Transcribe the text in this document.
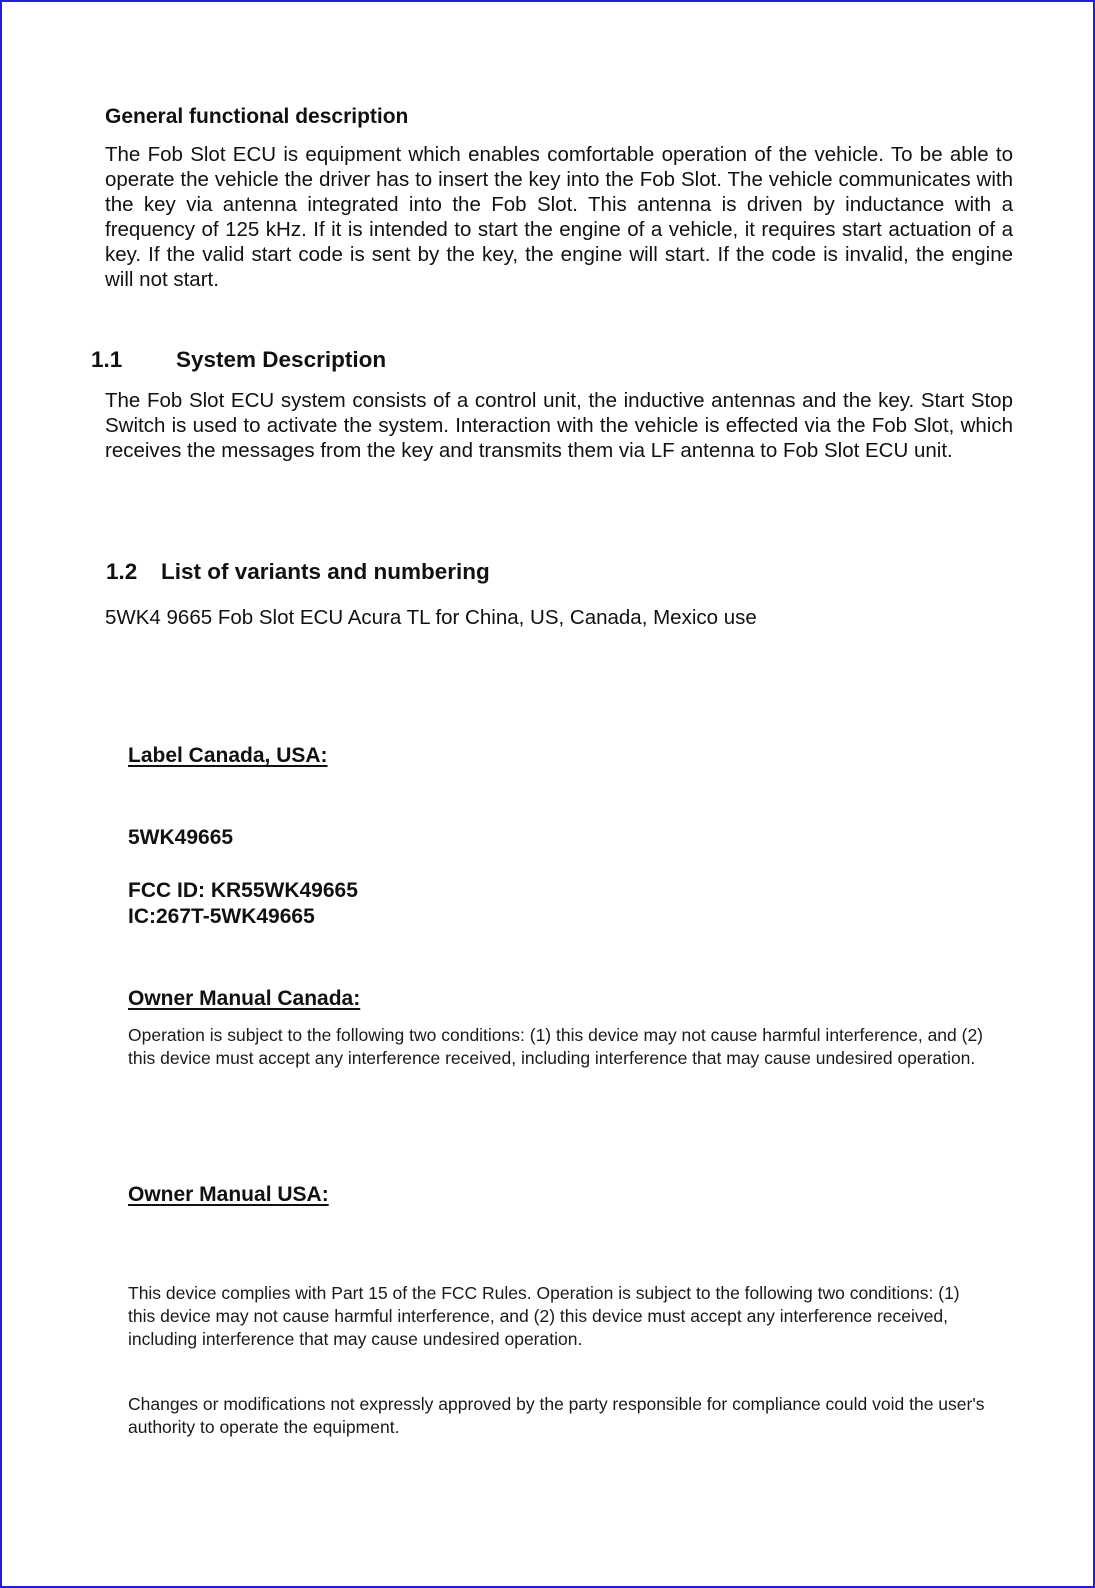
General functional description
The Fob Slot ECU is equipment which enables comfortable operation of the vehicle. To be able to operate the vehicle the driver has to insert the key into the Fob Slot. The vehicle communicates with the key via antenna integrated into the Fob Slot. This antenna is driven by inductance with a frequency of 125 kHz. If it is intended to start the engine of a vehicle, it requires start actuation of a key. If the valid start code is sent by the key, the engine will start. If the code is invalid, the engine will not start.
1.1 System Description
The Fob Slot ECU system consists of a control unit, the inductive antennas and the key. Start Stop Switch is used to activate the system. Interaction with the vehicle is effected via the Fob Slot, which receives the messages from the key and transmits them via LF antenna to Fob Slot ECU unit.
1.2 List of variants and numbering
5WK4 9665 Fob Slot ECU Acura TL for China, US, Canada, Mexico use
Label Canada, USA:
5WK49665
FCC ID: KR55WK49665
IC:267T-5WK49665
Owner Manual Canada:
Operation is subject to the following two conditions: (1) this device may not cause harmful interference, and (2) this device must accept any interference received, including interference that may cause undesired operation.
Owner Manual USA:
This device complies with Part 15 of the FCC Rules. Operation is subject to the following two conditions: (1) this device may not cause harmful interference, and (2) this device must accept any interference received, including interference that may cause undesired operation.
Changes or modifications not expressly approved by the party responsible for compliance could void the user's authority to operate the equipment.
